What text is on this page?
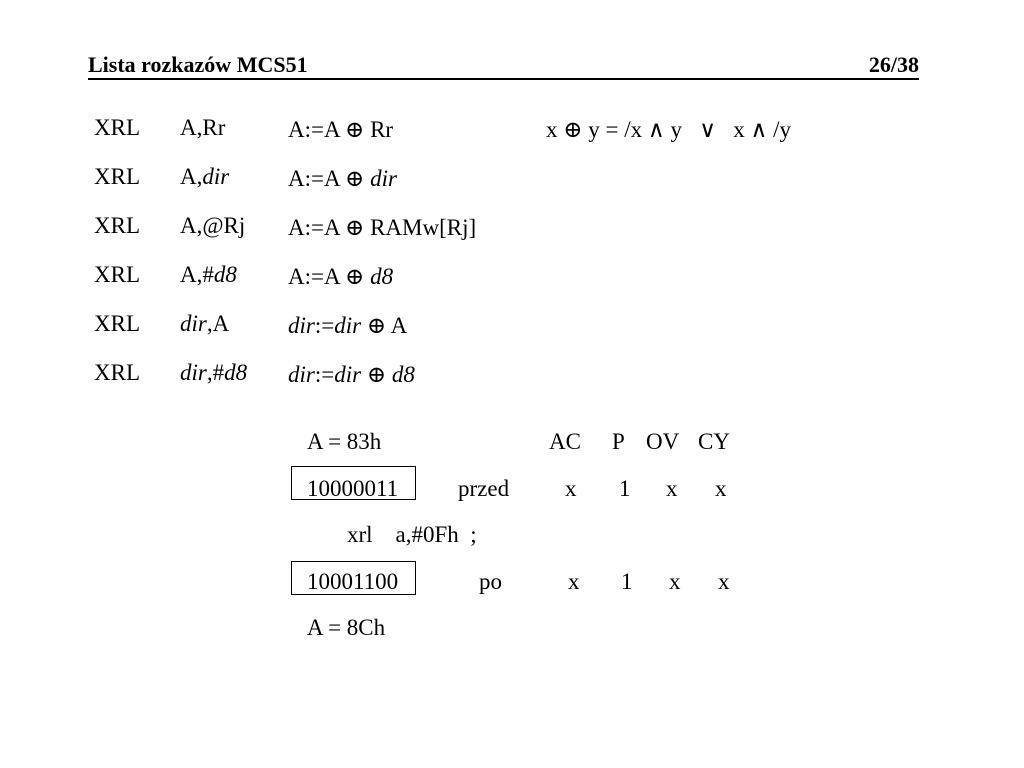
Lista rozkazów MCS51	26/38
XRL A,Rr	A:=A ⊕ Rr	x ⊕ y = /x ∧ y   ∨   x ∧ /y
XRL A,dir	A:=A ⊕ dir
XRL A,@Rj A:=A ⊕ RAMw[Rj]
XRL A,#d8 A:=A ⊕ d8
XRL dir,A	dir:=dir ⊕ A
XRL dir,#d8 dir:=dir ⊕ d8
A = 83h	AC P OV CY
10000011	przed x 1 x x
xrl    a,#0Fh  ;
10001100	po	x 1 x x
A = 8Ch
